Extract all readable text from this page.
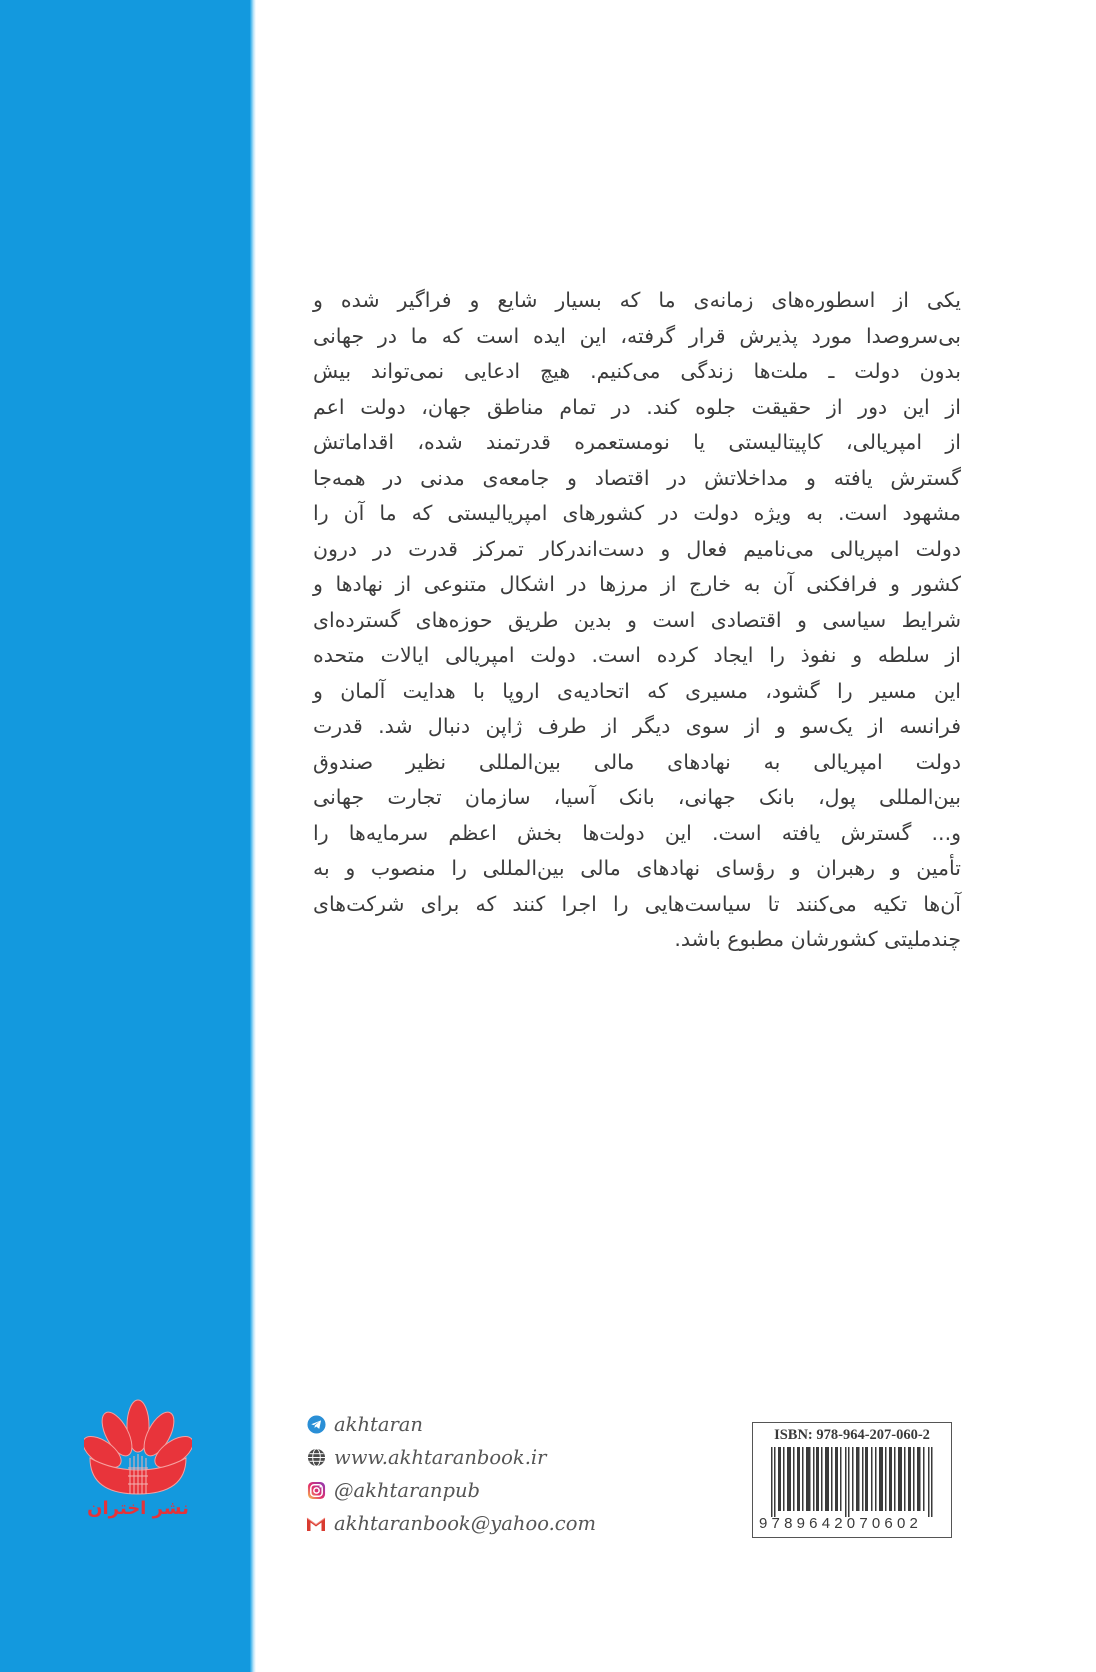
یکی از اسطوره‌های زمانه‌ی ما که بسیار شایع و فراگیر شده و
بی‌سروصدا مورد پذیرش قرار گرفته، این ایده است که ما در جهانی
بدون دولت ـ ملت‌ها زندگی می‌کنیم. هیچ ادعایی نمی‌تواند بیش
از این دور از حقیقت جلوه کند. در تمام مناطق جهان، دولت اعم
از امپریالی، کاپیتالیستی یا نومستعمره قدرتمند شده، اقداماتش
گسترش یافته و مداخلاتش در اقتصاد و جامعه‌ی مدنی در همه‌جا
مشهود است. به ویژه دولت در کشورهای امپریالیستی که ما آن را
دولت امپریالی می‌نامیم فعال و دست‌اندرکار تمرکز قدرت در درون
کشور و فرافکنی آن به خارج از مرزها در اشکال متنوعی از نهادها و
شرایط سیاسی و اقتصادی است و بدین طریق حوزه‌های گسترده‌ای
از سلطه و نفوذ را ایجاد کرده است. دولت امپریالی ایالات متحده
این مسیر را گشود، مسیری که اتحادیه‌ی اروپا با هدایت آلمان و
فرانسه از یک‌سو و از سوی دیگر از طرف ژاپن دنبال شد. قدرت
دولت امپریالی به نهادهای مالی بین‌المللی نظیر صندوق
بین‌المللی پول، بانک جهانی، بانک آسیا، سازمان تجارت جهانی
و... گسترش یافته است. این دولت‌ها بخش اعظم سرمایه‌ها را
تأمین و رهبران و رؤسای نهادهای مالی بین‌المللی را منصوب و به
آن‌ها تکیه می‌کنند تا سیاست‌هایی را اجرا کنند که برای شرکت‌های
چندملیتی کشورشان مطبوع باشد.
نشر اختران
akhtaran
www.akhtaranbook.ir
@akhtaranpub
akhtaranbook@yahoo.com
ISBN: 978-964-207-060-2
9789642070602
